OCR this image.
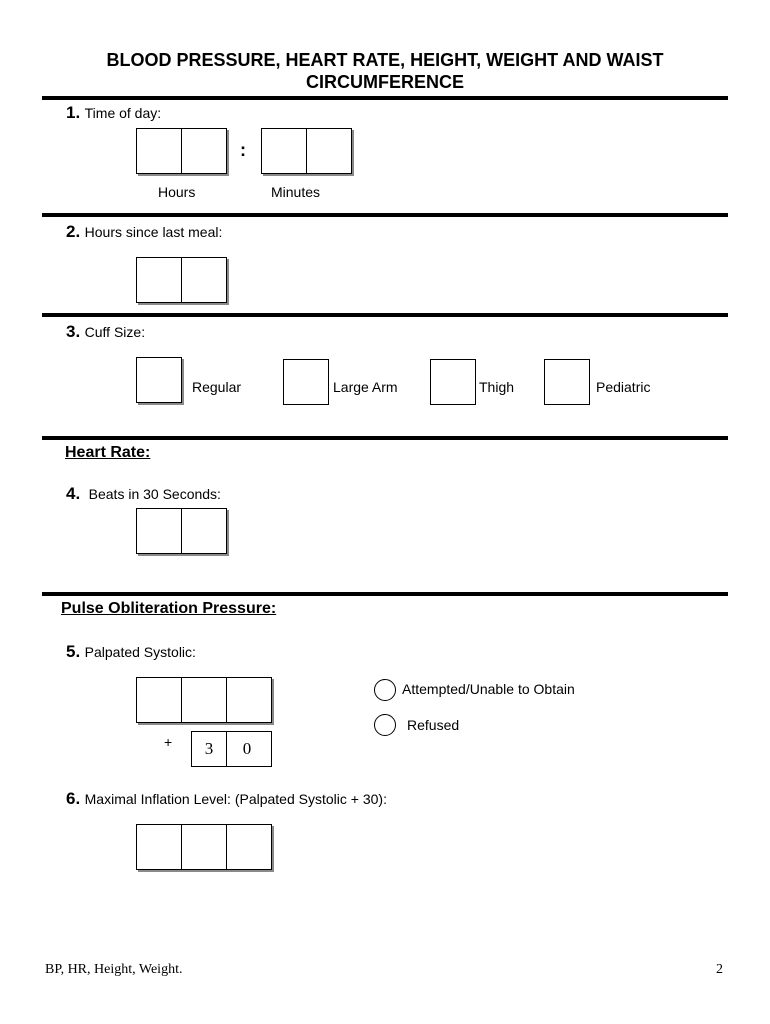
BLOOD PRESSURE, HEART RATE, HEIGHT, WEIGHT AND WAIST CIRCUMFERENCE
1. Time of day:
:
Hours	Minutes
2. Hours since last meal:
3. Cuff Size:
Regular	Large Arm	Thigh	Pediatric
Heart Rate:
4. Beats in 30 Seconds:
Pulse Obliteration Pressure:
5. Palpated Systolic:
+	3	0
Attempted/Unable to Obtain
Refused
6. Maximal Inflation Level: (Palpated Systolic + 30):
BP, HR, Height, Weight.	2
